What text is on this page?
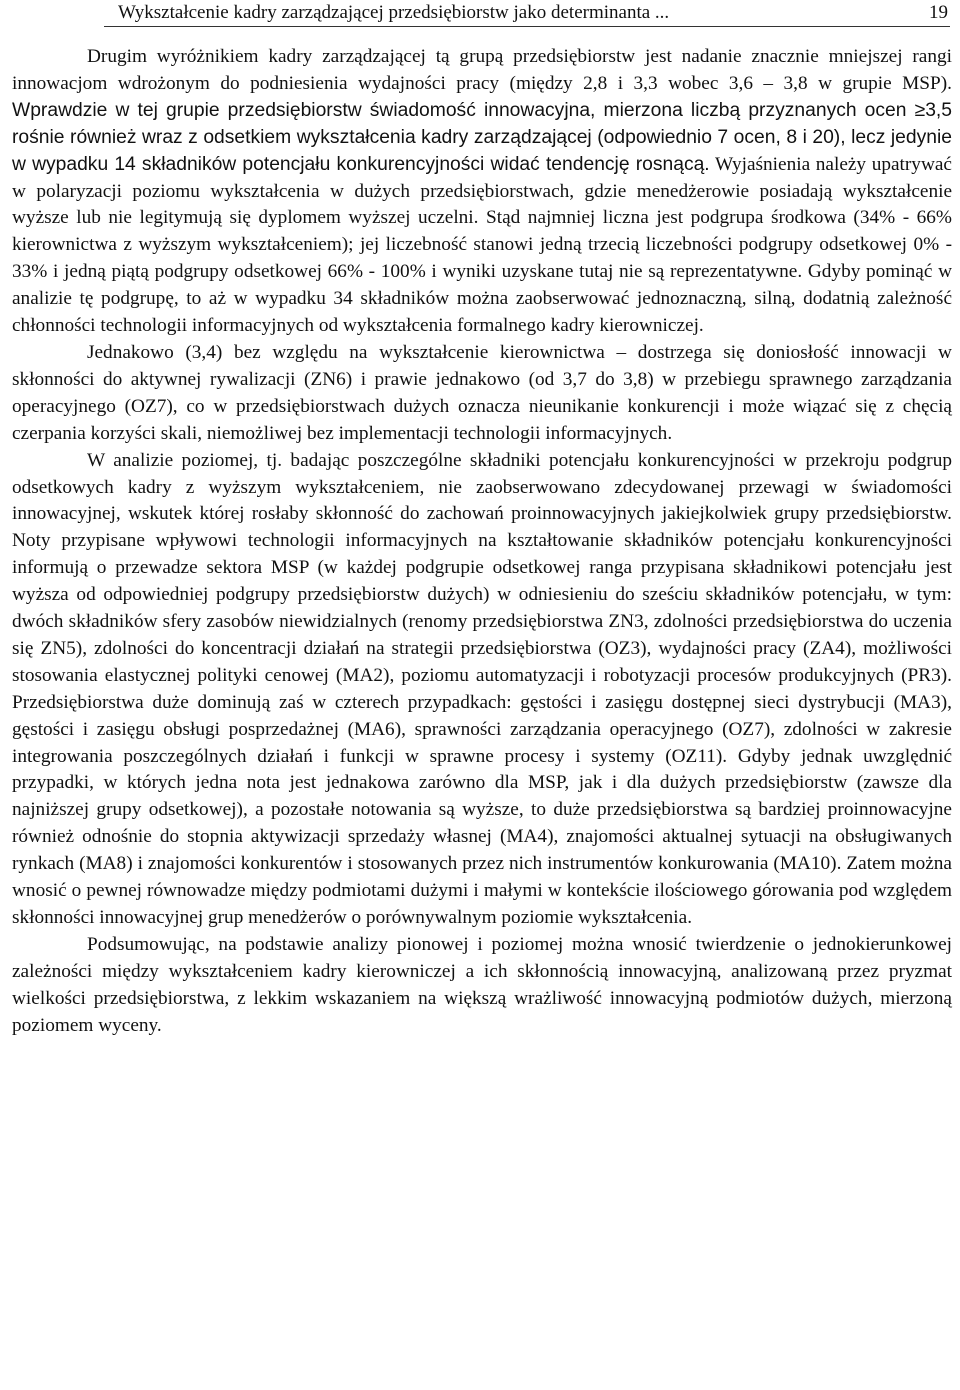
Wykształcenie kadry zarządzającej przedsiębiorstw jako determinanta ...	19

Drugim wyróżnikiem kadry zarządzającej tą grupą przedsiębiorstw jest nadanie znacznie mniejszej rangi innowacjom wdrożonym do podniesienia wydajności pracy (między 2,8 i 3,3 wobec 3,6 – 3,8 w grupie MSP). Wprawdzie w tej grupie przedsiębiorstw świadomość innowacyjna, mierzona liczbą przyznanych ocen ≥3,5 rośnie również wraz z odsetkiem wykształcenia kadry zarządzającej (odpowiednio 7 ocen, 8 i 20), lecz jedynie w wypadku 14 składników potencjału konkurencyjności widać tendencję rosnącą. Wyjaśnienia należy upatrywać w polaryzacji poziomu wykształcenia w dużych przedsiębiorstwach, gdzie menedżerowie posiadają wykształcenie wyższe lub nie legitymują się dyplomem wyższej uczelni. Stąd najmniej liczna jest podgrupa środkowa (34% - 66% kierownictwa z wyższym wykształceniem); jej liczebność stanowi jedną trzecią liczebności podgrupy odsetkowej 0% - 33% i jedną piątą podgrupy odsetkowej 66% - 100% i wyniki uzyskane tutaj nie są reprezentatywne. Gdyby pominąć w analizie tę podgrupę, to aż w wypadku 34 składników można zaobserwować jednoznaczną, silną, dodatnią zależność chłonności technologii informacyjnych od wykształcenia formalnego kadry kierowniczej.

Jednakowo (3,4) bez względu na wykształcenie kierownictwa – dostrzega się doniosłość innowacji w skłonności do aktywnej rywalizacji (ZN6) i prawie jednakowo (od 3,7 do 3,8) w przebiegu sprawnego zarządzania operacyjnego (OZ7), co w przedsiębiorstwach dużych oznacza nieunikanie konkurencji i może wiązać się z chęcią czerpania korzyści skali, niemożliwej bez implementacji technologii informacyjnych.

W analizie poziomej, tj. badając poszczególne składniki potencjału konkurencyjności w przekroju podgrup odsetkowych kadry z wyższym wykształceniem, nie zaobserwowano zdecydowanej przewagi w świadomości innowacyjnej, wskutek której rosłaby skłonność do zachowań proinnowacyjnych jakiejkolwiek grupy przedsiębiorstw. Noty przypisane wpływowi technologii informacyjnych na kształtowanie składników potencjału konkurencyjności informują o przewadze sektora MSP (w każdej podgrupie odsetkowej ranga przypisana składnikowi potencjału jest wyższa od odpowiedniej podgrupy przedsiębiorstw dużych) w odniesieniu do sześciu składników potencjału, w tym: dwóch składników sfery zasobów niewidzialnych (renomy przedsiębiorstwa ZN3, zdolności przedsiębiorstwa do uczenia się ZN5), zdolności do koncentracji działań na strategii przedsiębiorstwa (OZ3), wydajności pracy (ZA4), możliwości stosowania elastycznej polityki cenowej (MA2), poziomu automatyzacji i robotyzacji procesów produkcyjnych (PR3). Przedsiębiorstwa duże dominują zaś w czterech przypadkach: gęstości i zasięgu dostępnej sieci dystrybucji (MA3), gęstości i zasięgu obsługi posprzedażnej (MA6), sprawności zarządzania operacyjnego (OZ7), zdolności w zakresie integrowania poszczególnych działań i funkcji w sprawne procesy i systemy (OZ11). Gdyby jednak uwzględnić przypadki, w których jedna nota jest jednakowa zarówno dla MSP, jak i dla dużych przedsiębiorstw (zawsze dla najniższej grupy odsetkowej), a pozostałe notowania są wyższe, to duże przedsiębiorstwa są bardziej proinnowacyjne również odnośnie do stopnia aktywizacji sprzedaży własnej (MA4), znajomości aktualnej sytuacji na obsługiwanych rynkach (MA8) i znajomości konkurentów i stosowanych przez nich instrumentów konkurowania (MA10). Zatem można wnosić o pewnej równowadze między podmiotami dużymi i małymi w kontekście ilościowego górowania pod względem skłonności innowacyjnej grup menedżerów o porównywalnym poziomie wykształcenia.

Podsumowując, na podstawie analizy pionowej i poziomej można wnosić twierdzenie o jednokierunkowej zależności między wykształceniem kadry kierowniczej a ich skłonnością innowacyjną, analizowaną przez pryzmat wielkości przedsiębiorstwa, z lekkim wskazaniem na większą wrażliwość innowacyjną podmiotów dużych, mierzoną poziomem wyceny.
